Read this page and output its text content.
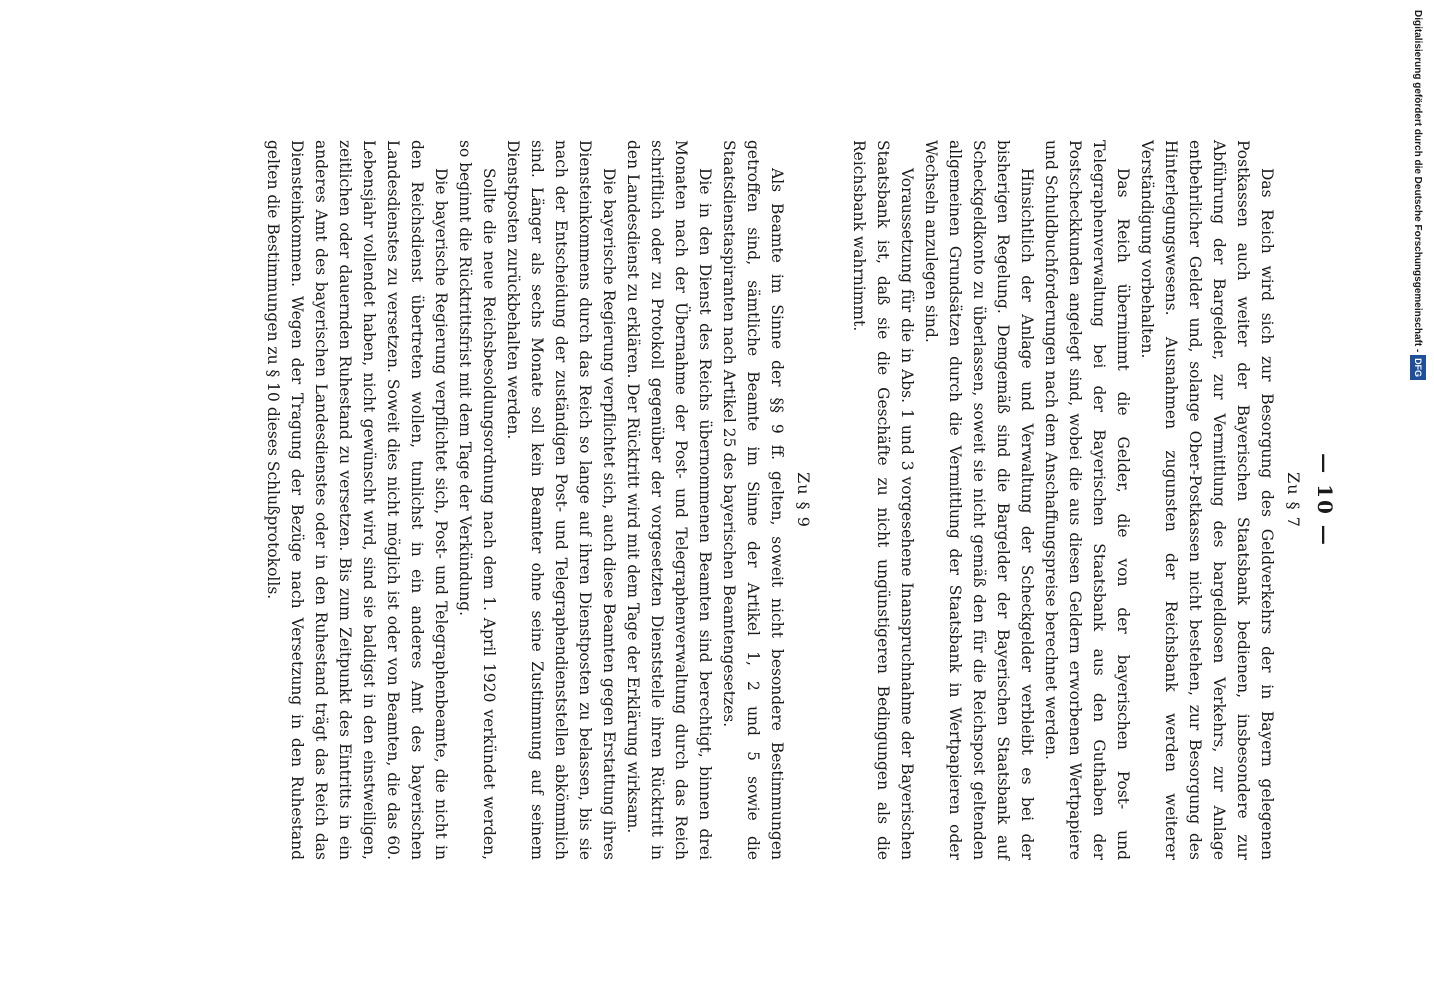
— 10 —
Zu § 7

Das Reich wird sich zur Besorgung des Geldverkehrs der in Bayern gelegenen Postkassen auch weiter der Bayerischen Staatsbank bedienen, insbesondere zur Abführung der Bargelder, zur Vermittlung des bargeldlosen Verkehrs, zur Anlage entbehrlicher Gelder und, solange Ober-Postkassen nicht bestehen, zur Besorgung des Hinterlegungswesens. Ausnahmen zugunsten der Reichsbank werden weiterer Verständigung vorbehalten.

Das Reich übernimmt die Gelder, die von der bayerischen Post- und Telegraphenverwaltung bei der Bayerischen Staatsbank aus den Guthaben der Postscheckkunden angelegt sind, wobei die aus diesen Geldern erworbenen Wertpapiere und Schuldbuchforderungen nach dem Anschaffungspreise berechnet werden.

Hinsichtlich der Anlage und Verwaltung der Scheckgelder verbleibt es bei der bisherigen Regelung. Demgemäß sind die Bargelder der Bayerischen Staatsbank auf Scheckgeldkonto zu überlassen, soweit sie nicht gemäß den für die Reichspost geltenden allgemeinen Grundsätzen durch die Vermittlung der Staatsbank in Wertpapieren oder Wechseln anzulegen sind.

Voraussetzung für die in Abs. 1 und 3 vorgesehene Inanspruchnahme der Bayerischen Staatsbank ist, daß sie die Geschäfte zu nicht ungünstigeren Bedingungen als die Reichsbank wahrnimmt.

Zu § 9

Als Beamte im Sinne der §§ 9 ff. gelten, soweit nicht besondere Bestimmungen getroffen sind, sämtliche Beamte im Sinne der Artikel 1, 2 und 5 sowie die Staatsdienstaspiranten nach Artikel 25 des bayerischen Beamtengesetzes.

Die in den Dienst des Reichs übernommenen Beamten sind berechtigt, binnen drei Monaten nach der Übernahme der Post- und Telegraphenverwaltung durch das Reich schriftlich oder zu Protokoll gegenüber der vorgesetzten Dienststelle ihren Rücktritt in den Landesdienst zu erklären. Der Rücktritt wird mit dem Tage der Erklärung wirksam.

Die bayerische Regierung verpflichtet sich, auch diese Beamten gegen Erstattung ihres Diensteinkommens durch das Reich so lange auf ihren Dienstposten zu belassen, bis sie nach der Entscheidung der zuständigen Post- und Telegraphendienststellen abkömmlich sind. Länger als sechs Monate soll kein Beamter ohne seine Zustimmung auf seinem Dienstposten zurückbehalten werden.

Sollte die neue Reichsbesoldungsordnung nach dem 1. April 1920 verkündet werden, so beginnt die Rücktrittsfrist mit dem Tage der Verkündung.

Die bayerische Regierung verpflichtet sich, Post- und Telegraphenbeamte, die nicht in den Reichsdienst übertreten wollen, tunlichst in ein anderes Amt des bayerischen Landesdienstes zu versetzen. Soweit dies nicht möglich ist oder von Beamten, die das 60. Lebensjahr vollendet haben, nicht gewünscht wird, sind sie baldigst in den einstweiligen, zeitlichen oder dauernden Ruhestand zu versetzen. Bis zum Zeitpunkt des Eintritts in ein anderes Amt des bayerischen Landesdienstes oder in den Ruhestand trägt das Reich das Diensteinkommen. Wegen der Tragung der Bezüge nach Versetzung in den Ruhestand gelten die Bestimmungen zu § 10 dieses Schlußprotokolls.	Digitalisierung gefördert durch die Deutsche Forschungsgemeinschaft - DFG
